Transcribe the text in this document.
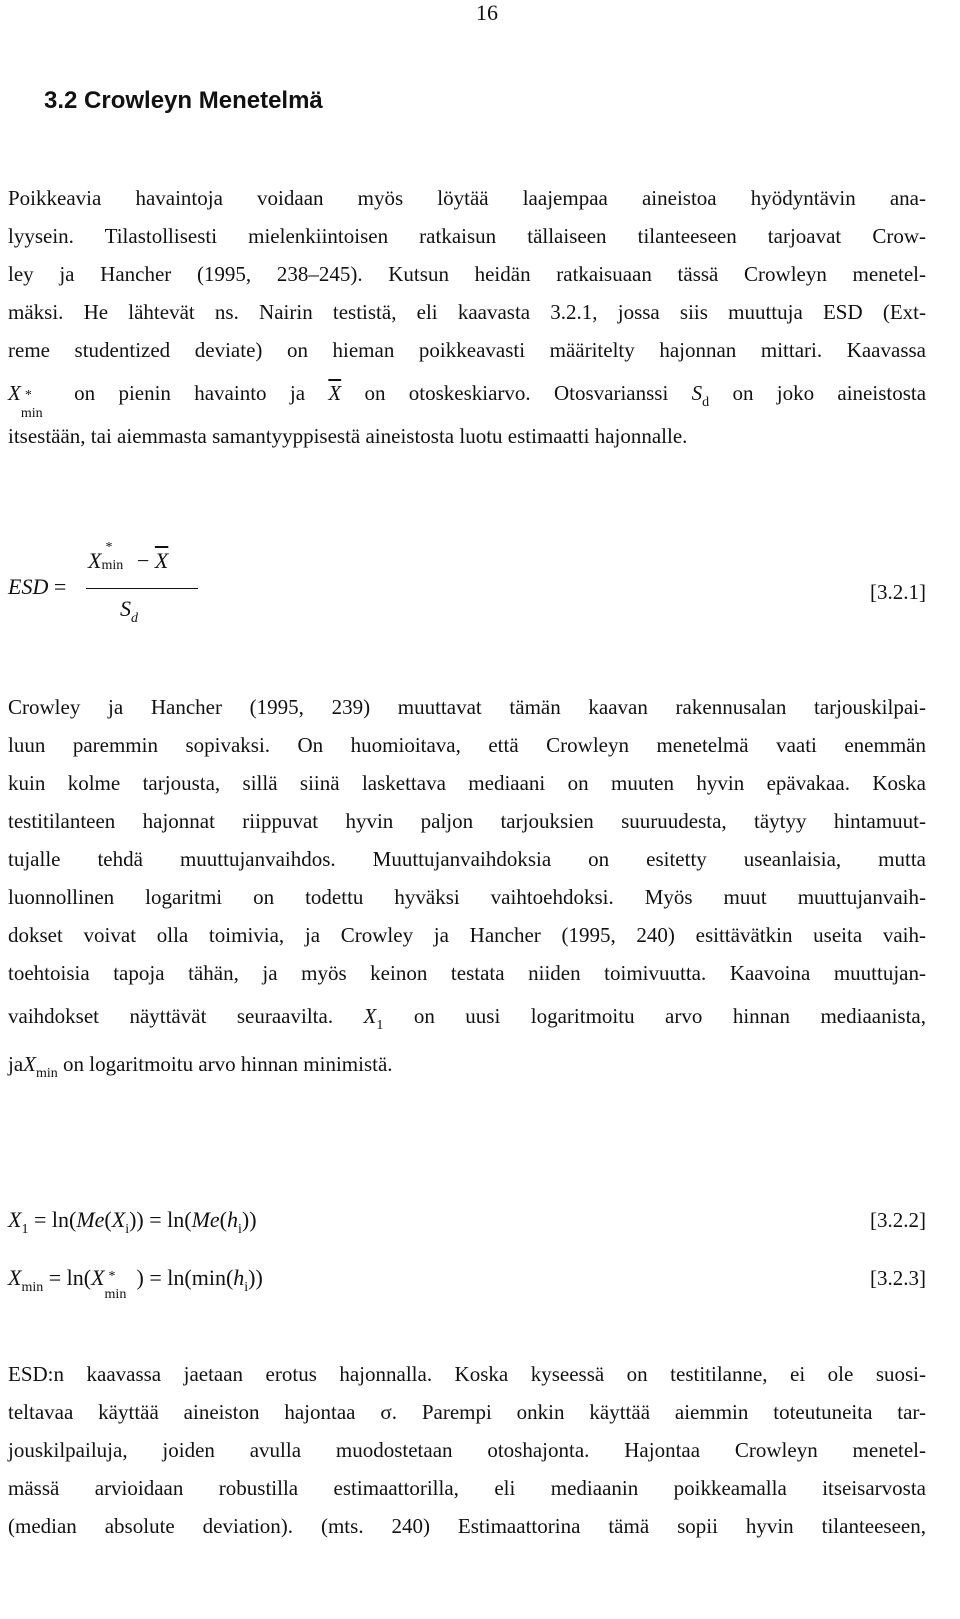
16
3.2 Crowleyn Menetelmä
Poikkeavia havaintoja voidaan myös löytää laajempaa aineistoa hyödyntävin ana-
lyysein. Tilastollisesti mielenkiintoisen ratkaisun tällaiseen tilanteeseen tarjoavat Crow-
ley ja Hancher (1995, 238–245). Kutsun heidän ratkaisuaan tässä Crowleyn menetel-
mäksi. He lähtevät ns. Nairin testistä, eli kaavasta 3.2.1, jossa siis muuttuja ESD (Ext-
reme studentized deviate) on hieman poikkeavasti määritelty hajonnan mittari. Kaavassa
X *
min
on pienin havainto ja $\overline{X}$ on otoskeskiarvo. Otosvarianssi $S_d$ on joko aineistosta
itsestään, tai aiemmasta samantyyppisestä aineistosta luotu estimaatti hajonnalle.
ESD =
X
*
$\min - \overline{X}$
$S_d$
[3.2.1]
Crowley ja Hancher (1995, 239) muuttavat tämän kaavan rakennusalan tarjouskilpai-
luun paremmin sopivaksi. On huomioitava, että Crowleyn menetelmä vaati enemmän
kuin kolme tarjousta, sillä siinä laskettava mediaani on muuten hyvin epävakaa. Koska
testitilanteen hajonnat riippuvat hyvin paljon tarjouksien suuruudesta, täytyy hintamuut-
tujalle tehdä muuttujanvaihdos. Muuttujanvaihdoksia on esitetty useanlaisia, mutta
luonnollinen logaritmi on todettu hyväksi vaihtoehdoksi. Myös muut muuttujanvaih-
dokset voivat olla toimivia, ja Crowley ja Hancher (1995, 240) esittävätkin useita vaih-
toehtoisia tapoja tähän, ja myös keinon testata niiden toimivuutta. Kaavoina muuttujan-
vaihdokset näyttävät seuraavilta. $X_1$ on uusi logaritmoitu arvo hinnan mediaanista,
jaX$_{min}$ on logaritmoitu arvo hinnan minimistä.
$X_1 = \ln(Me(X_i)) = \ln(Me(h_i))$	[3.2.2]
$X_{min} = \ln(X$ *
min
) = $\ln(\min(h_i))$	[3.2.3]
ESD:n kaavassa jaetaan erotus hajonnalla. Koska kyseessä on testitilanne, ei ole suosi-
teltavaa käyttää aineiston hajontaa σ. Parempi onkin käyttää aiemmin toteutuneita tar-
jouskilpailuja, joiden avulla muodostetaan otoshajonta. Hajontaa Crowleyn menetel-
mässä arvioidaan robustilla estimaattorilla, eli mediaanin poikkeamalla itseisarvosta
(median absolute deviation). (mts. 240) Estimaattorina tämä sopii hyvin tilanteeseen,
